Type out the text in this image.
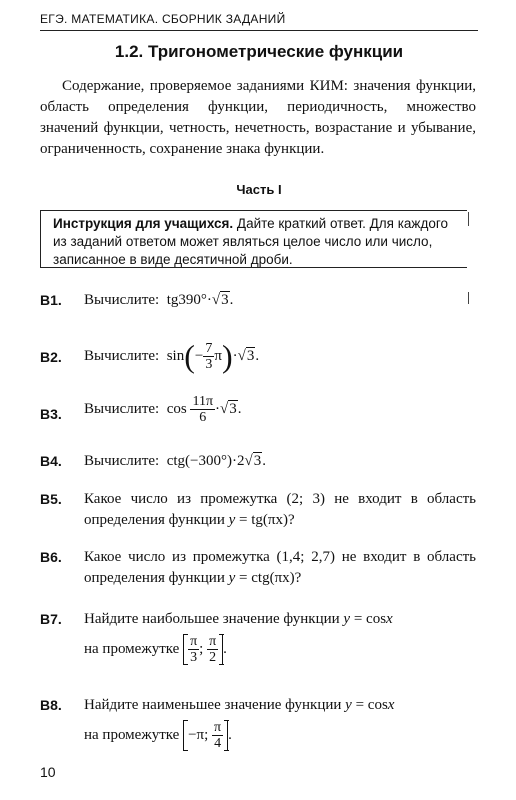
ЕГЭ. МАТЕМАТИКА. СБОРНИК ЗАДАНИЙ
1.2. Тригонометрические функции

Содержание, проверяемое заданиями КИМ: значения функции, область определения функции, периодичность, множество значений функции, четность, нечетность, возрастание и убывание, ограниченность, сохранение знака функции.

Часть I
Инструкция для учащихся. Дайте краткий ответ. Для каждого из заданий ответом может являться целое число или число, записанное в виде десятичной дроби.
B1. Вычислите: tg390°·√3.
B2. Вычислите: $\sin(- \frac{7}{3} \pi)\cdot√3$.
B3. Вычислите: $\cos \frac{11\pi}{6} \cdot√3$.
B4. Вычислите: ctg(−300°)·2√3.
B5. Какое число из промежутка (2; 3) не входит в область определения функции y = tg(πx)?
B6. Какое число из промежутка (1,4; 2,7) не входит в область определения функции y = ctg(πx)?
B7. Найдите наибольшее значение функции y = cosx
на промежутке $\frac{\pi}{3}$ ; $\frac{\pi}{2}$ .
B8. Найдите наименьшее значение функции y = cosx
на промежутке −π; $\frac{\pi}{4}$ .
10
